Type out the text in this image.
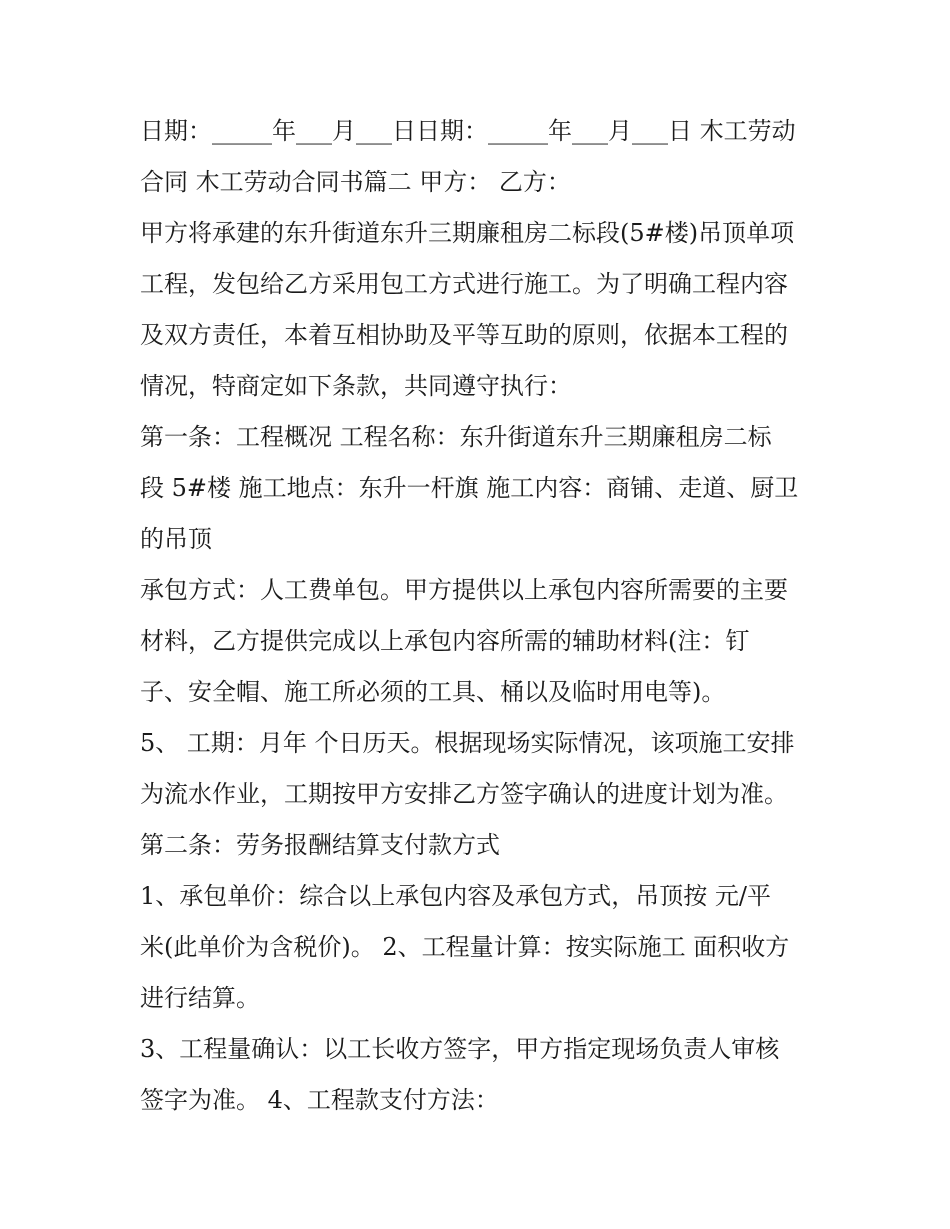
日期：_____年___月___日日期：_____年___月___日 木工劳动
合同 木工劳动合同书篇二 甲方： 乙方：
甲方将承建的东升街道东升三期廉租房二标段(5#楼)吊顶单项
工程，发包给乙方采用包工方式进行施工。为了明确工程内容
及双方责任，本着互相协助及平等互助的原则，依据本工程的
情况，特商定如下条款，共同遵守执行：
第一条：工程概况 工程名称：东升街道东升三期廉租房二标
段 5#楼 施工地点：东升一杆旗 施工内容：商铺、走道、厨卫
的吊顶
承包方式：人工费单包。甲方提供以上承包内容所需要的主要
材料，乙方提供完成以上承包内容所需的辅助材料(注：钉
子、安全帽、施工所必须的工具、桶以及临时用电等)。
5、 工期：月年 个日历天。根据现场实际情况，该项施工安排
为流水作业，工期按甲方安排乙方签字确认的进度计划为准。
第二条：劳务报酬结算支付款方式
1、承包单价：综合以上承包内容及承包方式，吊顶按 元/平
米(此单价为含税价)。 2、工程量计算：按实际施工 面积收方
进行结算。
3、工程量确认：以工长收方签字，甲方指定现场负责人审核
签字为准。 4、工程款支付方法：
